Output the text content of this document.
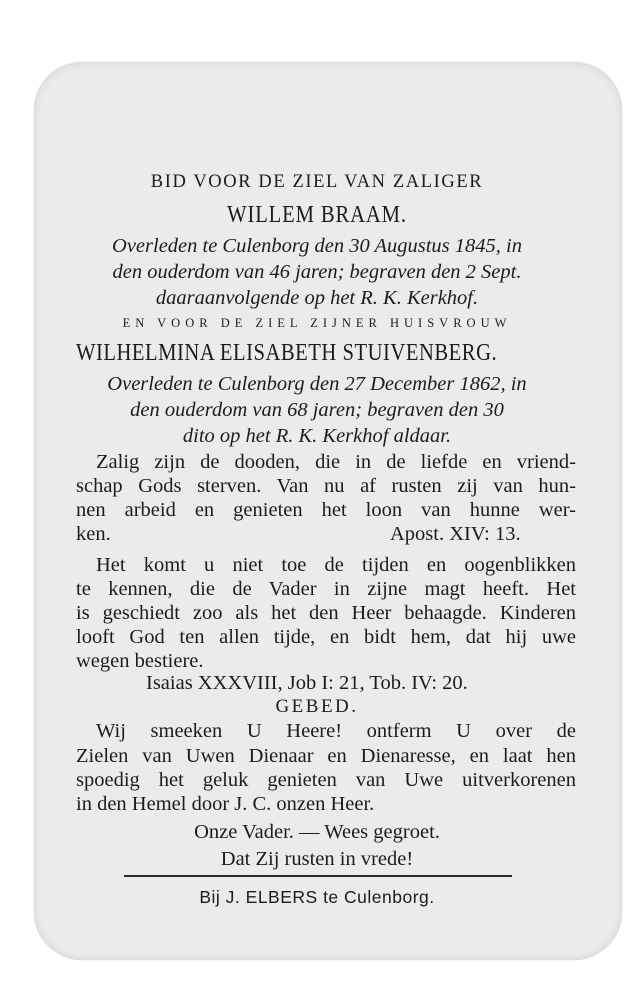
BID VOOR DE ZIEL VAN ZALIGER
WILLEM BRAAM.
Overleden te Culenborg den 30 Augustus 1845, in
den ouderdom van 46 jaren; begraven den 2 Sept.
daaraanvolgende op het R. K. Kerkhof.
EN VOOR DE ZIEL ZIJNER HUISVROUW
WILHELMINA ELISABETH STUIVENBERG.
Overleden te Culenborg den 27 December 1862, in
den ouderdom van 68 jaren; begraven den 30
dito op het R. K. Kerkhof aldaar.
Zalig zijn de dooden, die in de liefde en vriend-
schap Gods sterven. Van nu af rusten zij van hun-
nen arbeid en genieten het loon van hunne wer-
ken.	Apost. XIV: 13.
Het komt u niet toe de tijden en oogenblikken
te kennen, die de Vader in zijne magt heeft. Het
is geschiedt zoo als het den Heer behaagde. Kinderen
looft God ten allen tijde, en bidt hem, dat hij uwe
wegen bestiere.
Isaias XXXVIII, Job I: 21, Tob. IV: 20.
GEBED.
Wij smeeken U Heere! ontferm U over de
Zielen van Uwen Dienaar en Dienaresse, en laat hen
spoedig het geluk genieten van Uwe uitverkorenen
in den Hemel door J. C. onzen Heer.
Onze Vader. — Wees gegroet.
Dat Zij rusten in vrede!
Bij J. ELBERS te Culenborg.
